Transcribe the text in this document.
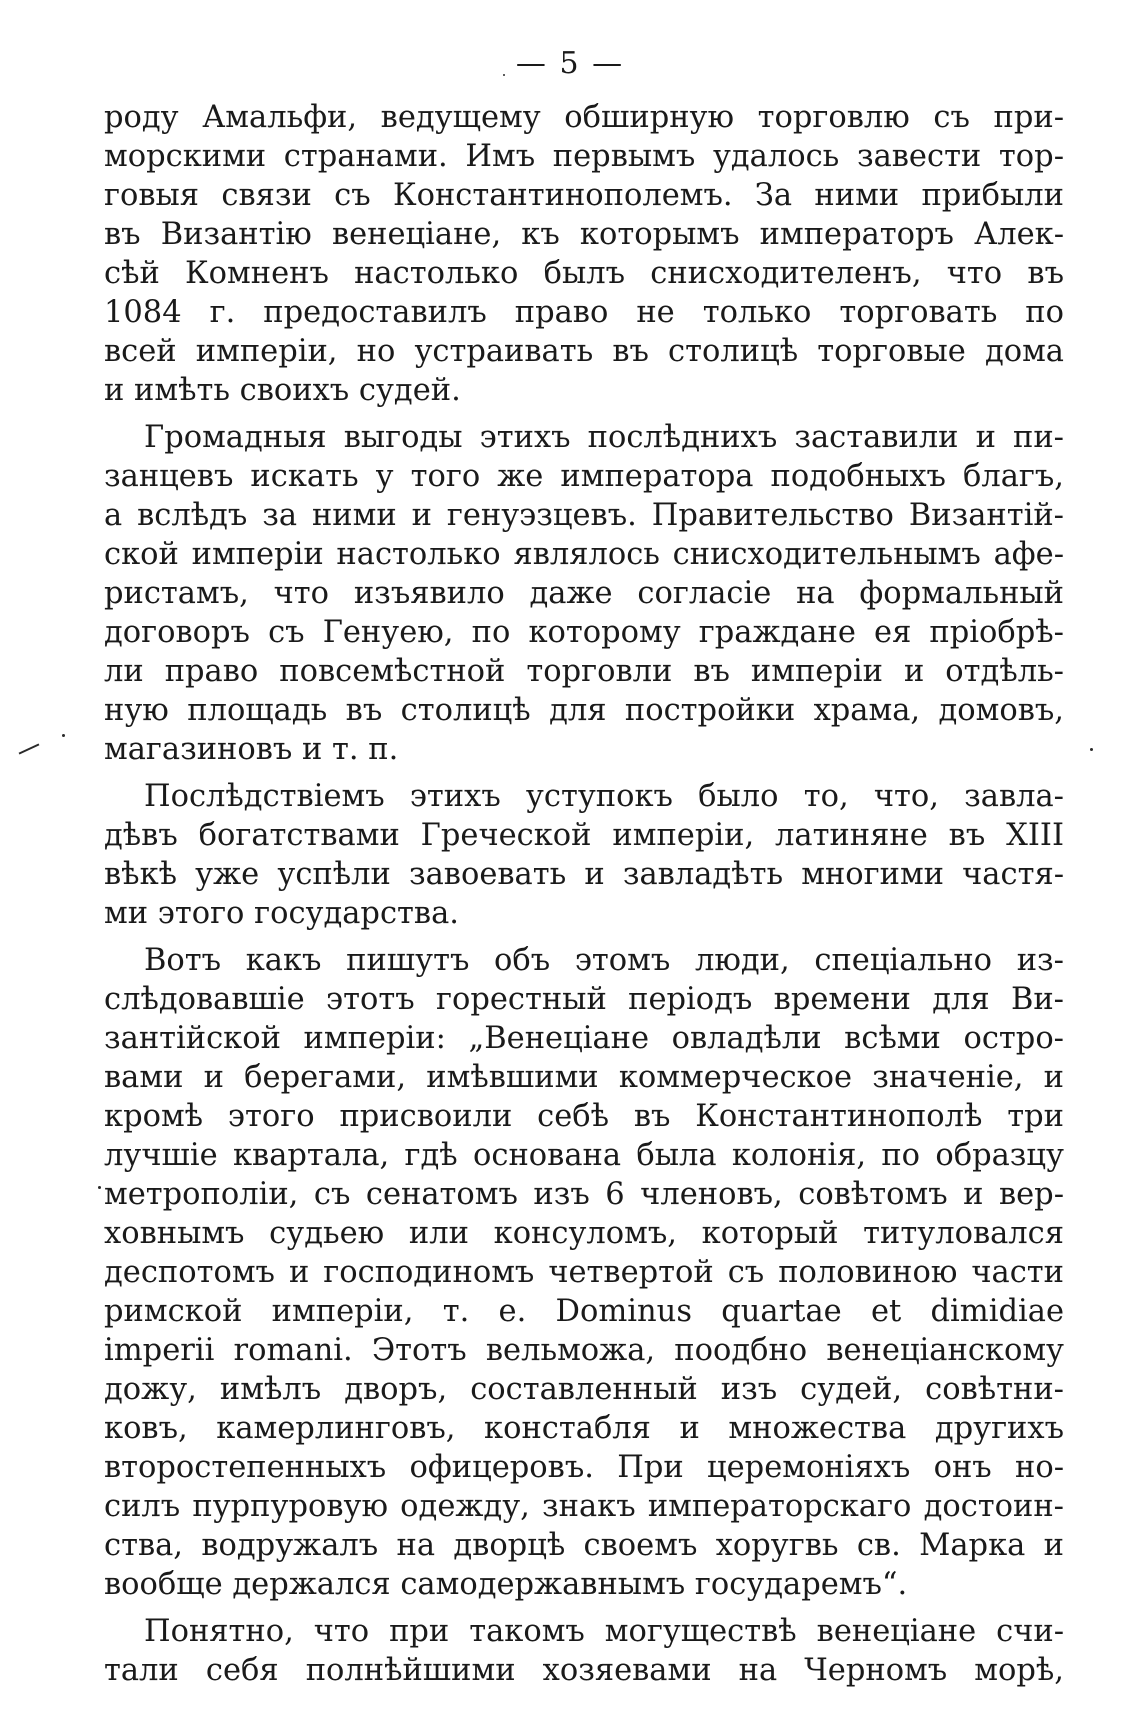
— 5 —
роду Амальфи, ведущему обширную торговлю съ при-
морскими странами. Имъ первымъ удалось завести тор-
говыя связи съ Константинополемъ. За ними прибыли
въ Византію венеціане, къ которымъ императоръ Алек-
сѣй Комненъ настолько былъ снисходителенъ, что въ
1084 г. предоставилъ право не только торговать по
всей имперіи, но устраивать въ столицѣ торговые дома
и имѣть своихъ судей.
Громадныя выгоды этихъ послѣднихъ заставили и пи-
занцевъ искать у того же императора подобныхъ благъ,
а вслѣдъ за ними и генуэзцевъ. Правительство Византій-
ской имперіи настолько являлось снисходительнымъ афе-
ристамъ, что изъявило даже согласіе на формальный
договоръ съ Генуею, по которому граждане ея пріобрѣ-
ли право повсемѣстной торговли въ имперіи и отдѣль-
ную площадь въ столицѣ для постройки храма, домовъ,
магазиновъ и т. п.
Послѣдствіемъ этихъ уступокъ было то, что, завла-
дѣвъ богатствами Греческой имперіи, латиняне въ XIII
вѣкѣ уже успѣли завоевать и завладѣть многими частя-
ми этого государства.
Вотъ какъ пишутъ объ этомъ люди, спеціально из-
слѣдовавшіе этотъ горестный періодъ времени для Ви-
зантійской имперіи: „Венеціане овладѣли всѣми остро-
вами и берегами, имѣвшими коммерческое значеніе, и
кромѣ этого присвоили себѣ въ Константинополѣ три
лучшіе квартала, гдѣ основана была колонія, по образцу
метрополіи, съ сенатомъ изъ 6 членовъ, совѣтомъ и вер-
ховнымъ судьею или консуломъ, который титуловался
деспотомъ и господиномъ четвертой съ половиною части
римской имперіи, т. е. Dominus quartae et dimidiae
imperii romani. Этотъ вельможа, поодбно венеціанскому
дожу, имѣлъ дворъ, составленный изъ судей, совѣтни-
ковъ, камерлинговъ, констабля и множества другихъ
второстепенныхъ офицеровъ. При церемоніяхъ онъ но-
силъ пурпуровую одежду, знакъ императорскаго достоин-
ства, водружалъ на дворцѣ своемъ хоругвь св. Марка и
вообще держался самодержавнымъ государемъ“.
Понятно, что при такомъ могуществѣ венеціане счи-
тали себя полнѣйшими хозяевами на Черномъ морѣ,
